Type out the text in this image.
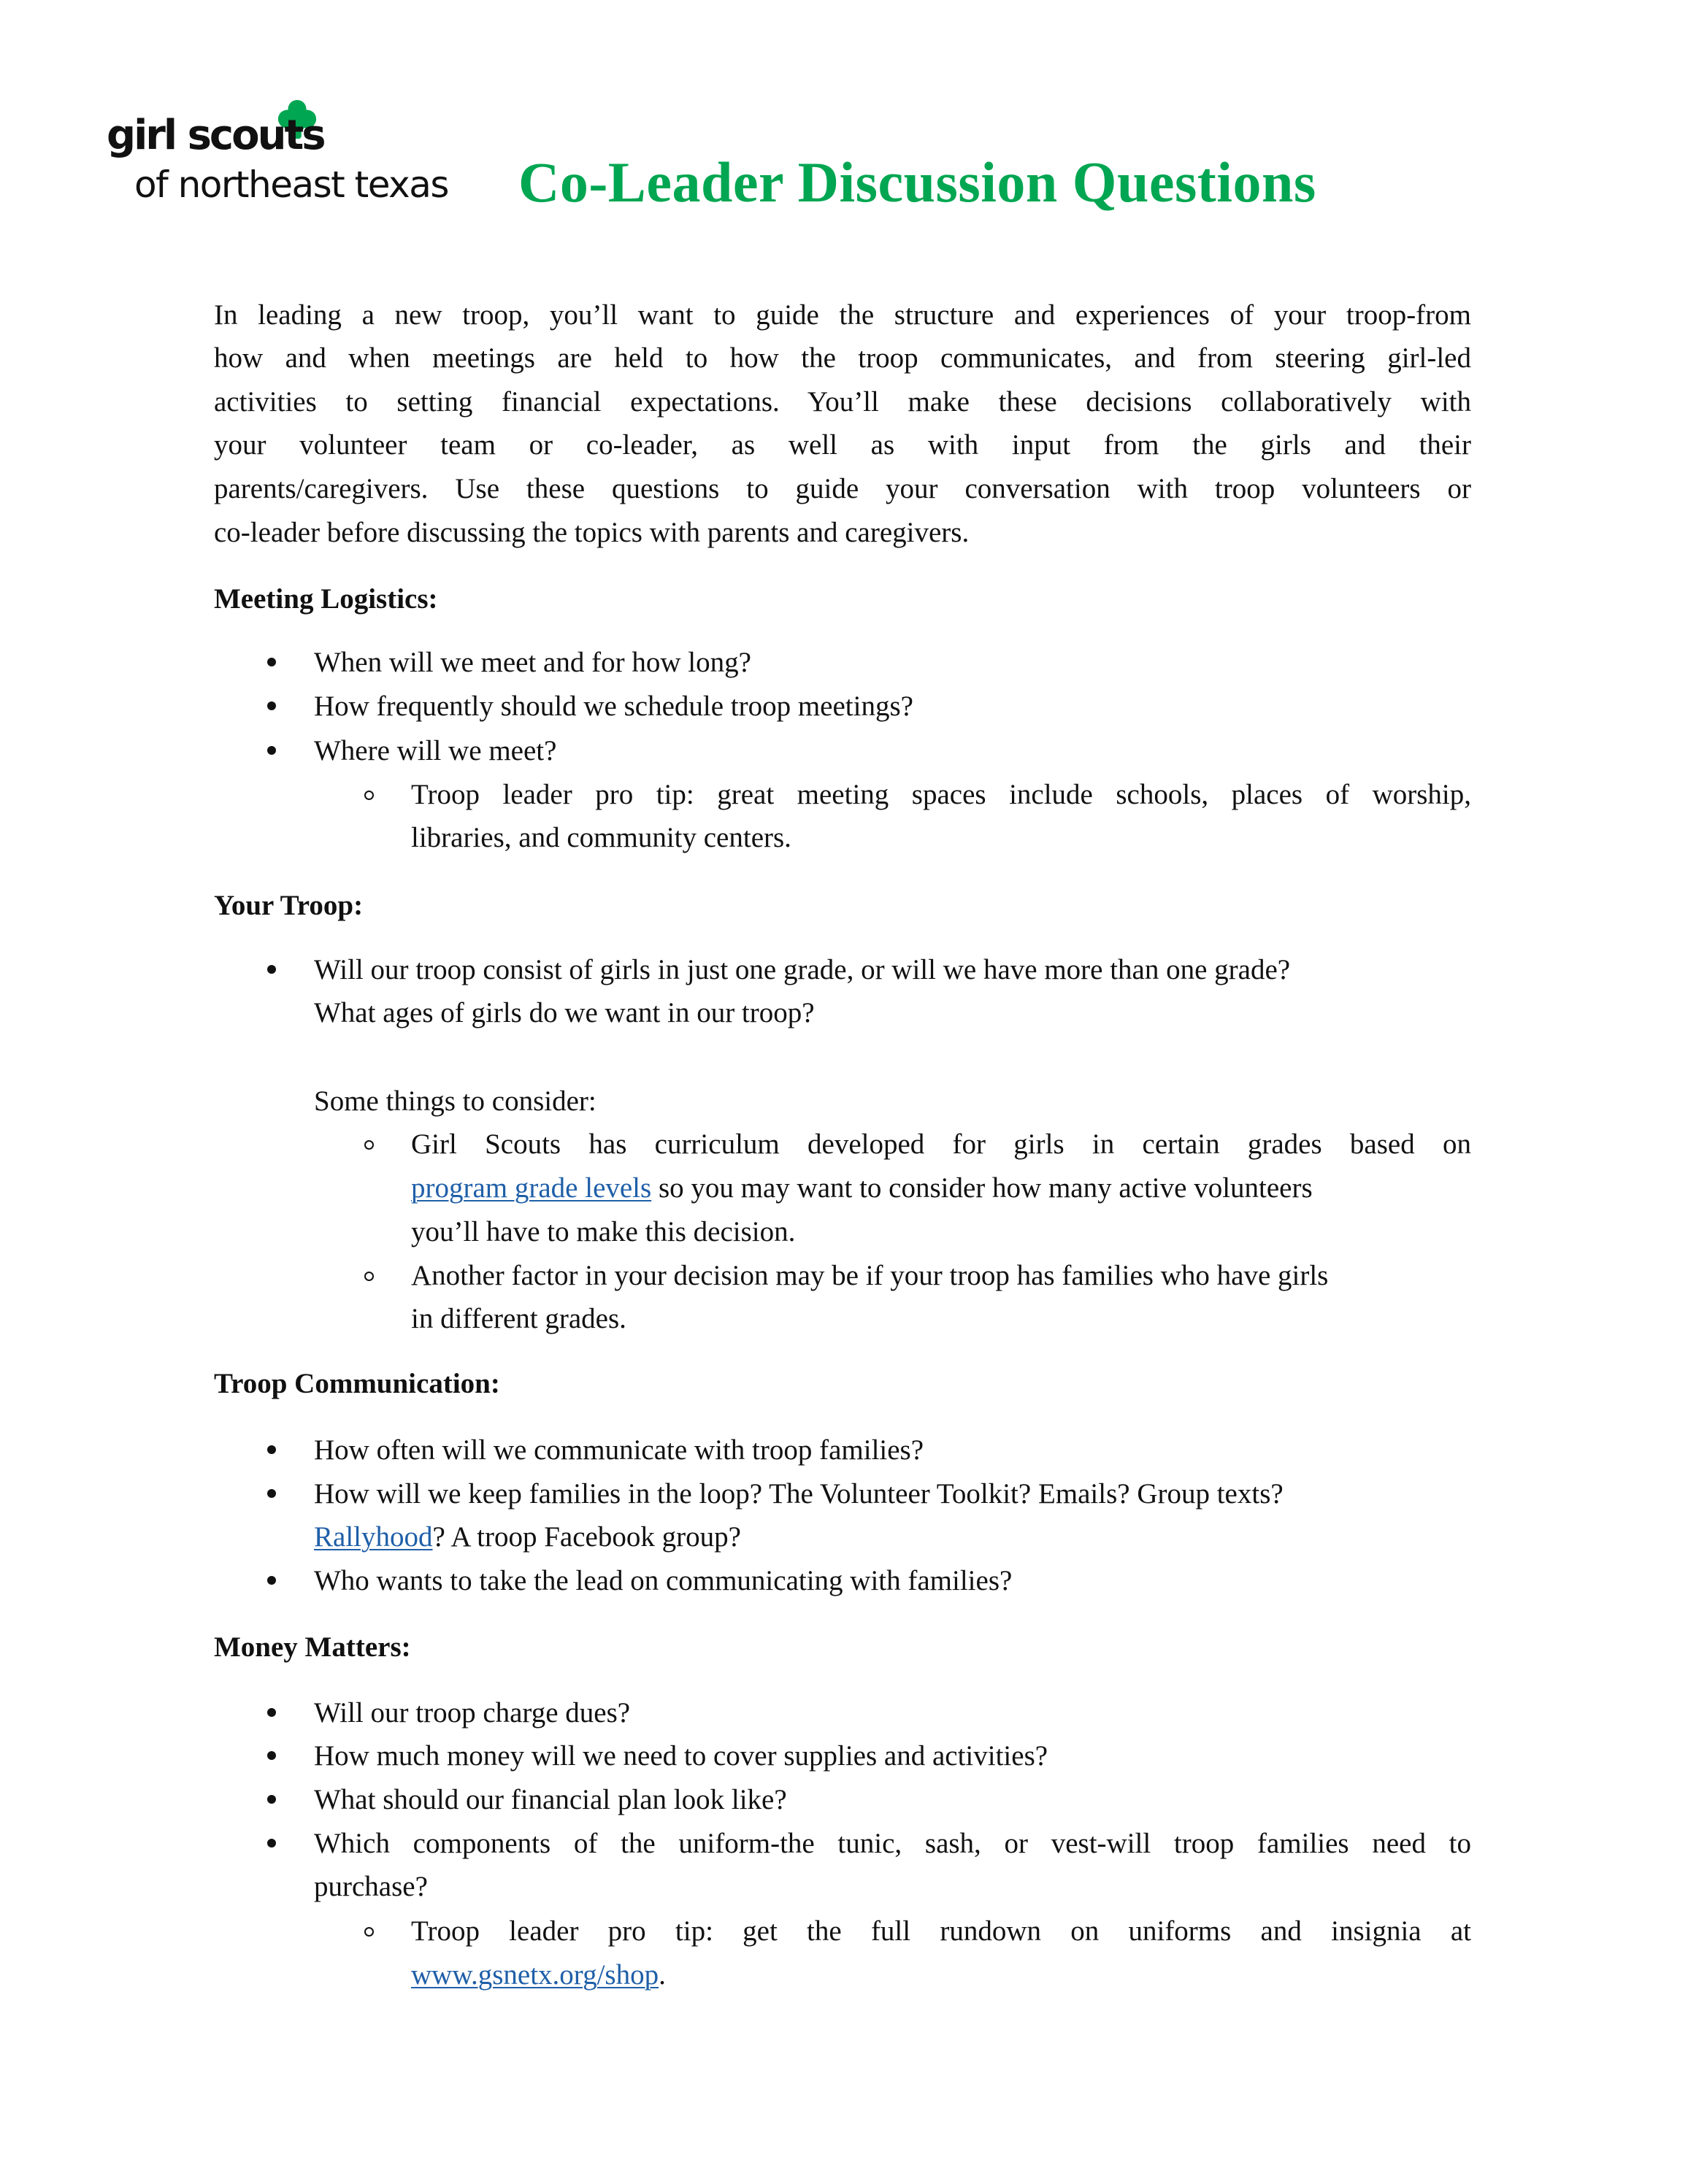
girl scouts
of northeast texas Co-Leader Discussion Questions
In leading a new troop, you’ll want to guide the structure and experiences of your troop-from
how and when meetings are held to how the troop communicates, and from steering girl-led
activities to setting financial expectations. You’ll make these decisions collaboratively with
your volunteer team or co-leader, as well as with input from the girls and their
parents/caregivers. Use these questions to guide your conversation with troop volunteers or
co-leader before discussing the topics with parents and caregivers.
Meeting Logistics:
When will we meet and for how long?
How frequently should we schedule troop meetings?
Where will we meet?
Troop leader pro tip: great meeting spaces include schools, places of worship,
libraries, and community centers.
Your Troop:
Will our troop consist of girls in just one grade, or will we have more than one grade?
What ages of girls do we want in our troop?
Some things to consider:
Girl Scouts has curriculum developed for girls in certain grades based on
program grade levels so you may want to consider how many active volunteers
you’ll have to make this decision.
Another factor in your decision may be if your troop has families who have girls
in different grades.
Troop Communication:
How often will we communicate with troop families?
How will we keep families in the loop? The Volunteer Toolkit? Emails? Group texts?
Rallyhood? A troop Facebook group?
Who wants to take the lead on communicating with families?
Money Matters:
Will our troop charge dues?
How much money will we need to cover supplies and activities?
What should our financial plan look like?
Which components of the uniform-the tunic, sash, or vest-will troop families need to
purchase?
Troop leader pro tip: get the full rundown on uniforms and insignia at
www.gsnetx.org/shop.
